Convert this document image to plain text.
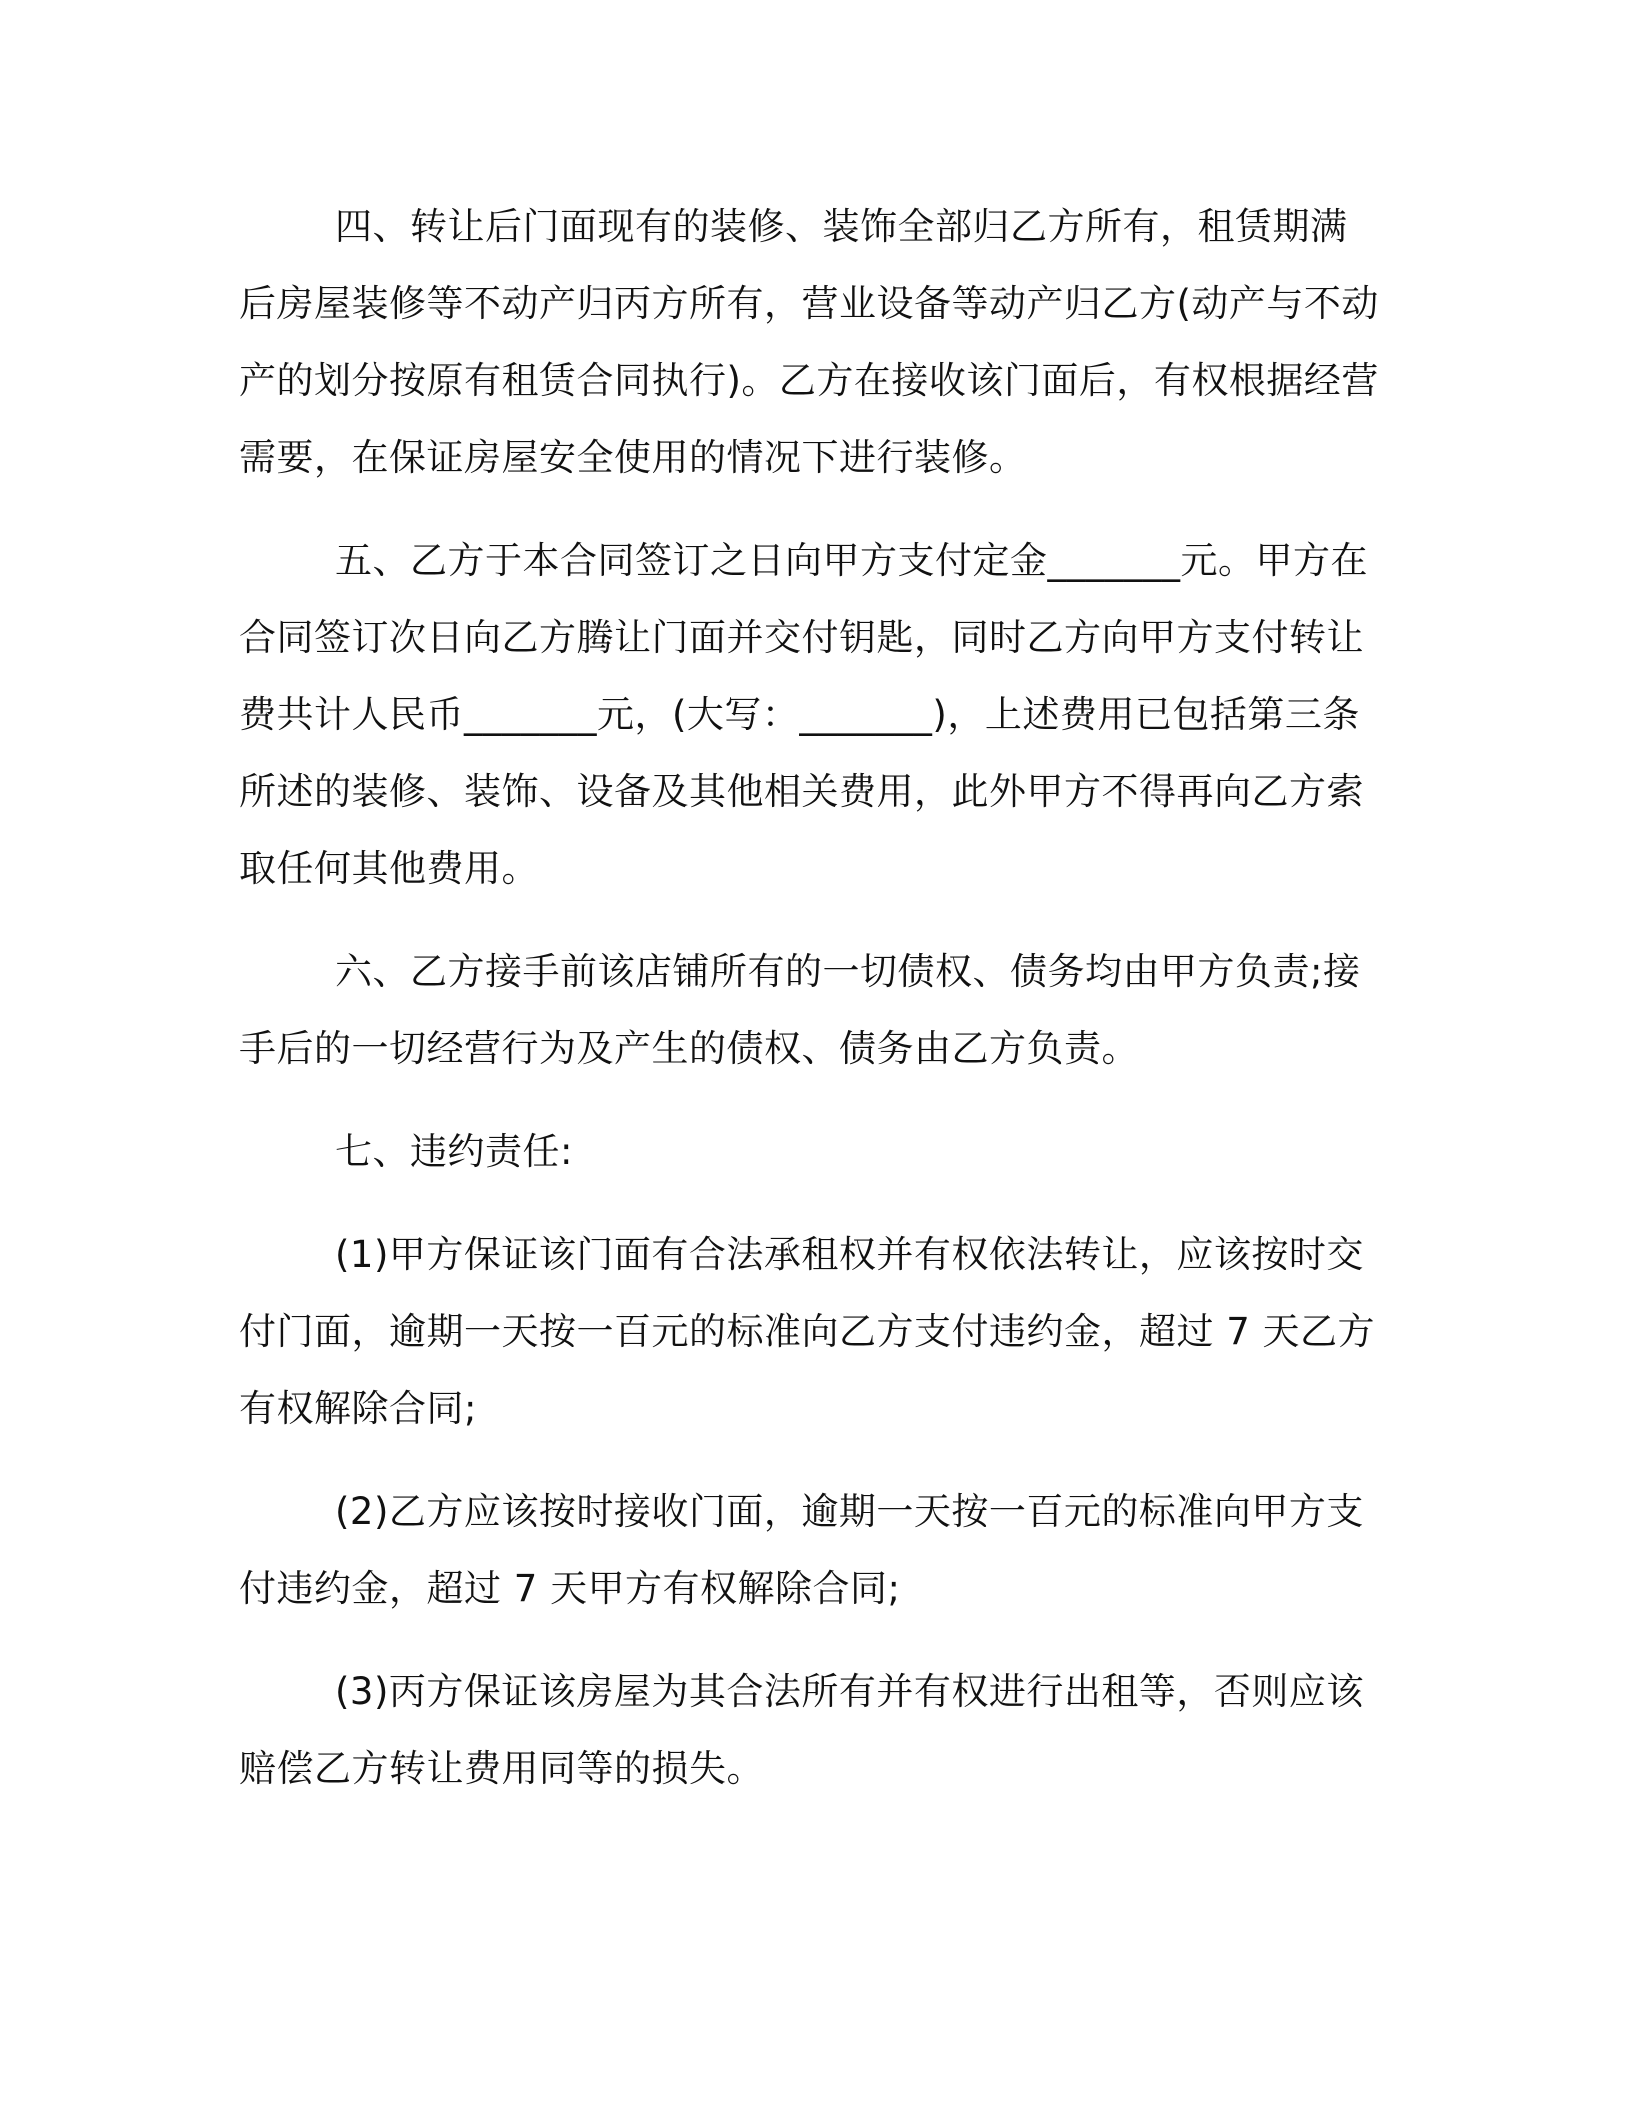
四、转让后门面现有的装修、装饰全部归乙方所有，租赁期满后房屋装修等不动产归丙方所有，营业设备等动产归乙方(动产与不动产的划分按原有租赁合同执行)。乙方在接收该门面后，有权根据经营需要，在保证房屋安全使用的情况下进行装修。

五、乙方于本合同签订之日向甲方支付定金_______元。甲方在合同签订次日向乙方腾让门面并交付钥匙，同时乙方向甲方支付转让费共计人民币_______元，(大写：_______)，上述费用已包括第三条所述的装修、装饰、设备及其他相关费用，此外甲方不得再向乙方索取任何其他费用。

六、乙方接手前该店铺所有的一切债权、债务均由甲方负责;接手后的一切经营行为及产生的债权、债务由乙方负责。

七、违约责任:

(1)甲方保证该门面有合法承租权并有权依法转让，应该按时交付门面，逾期一天按一百元的标准向乙方支付违约金，超过 7 天乙方有权解除合同;

(2)乙方应该按时接收门面，逾期一天按一百元的标准向甲方支付违约金，超过 7 天甲方有权解除合同;

(3)丙方保证该房屋为其合法所有并有权进行出租等，否则应该赔偿乙方转让费用同等的损失。
